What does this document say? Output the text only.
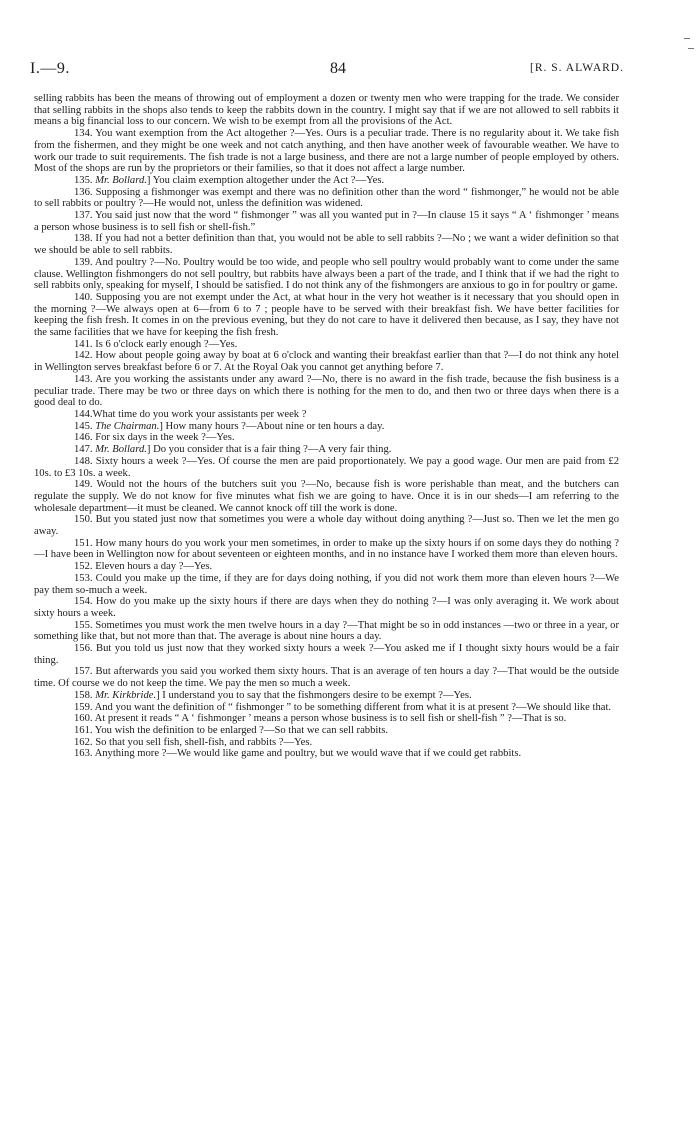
I.—9.	84	[R. S. ALWARD.

selling rabbits has been the means of throwing out of employment a dozen or twenty men who were trapping for the trade. We consider that selling rabbits in the shops also tends to keep the rabbits down in the country. I might say that if we are not allowed to sell rabbits it means a big financial loss to our concern. We wish to be exempt from all the provisions of the Act.

134. You want exemption from the Act altogether ?—Yes. Ours is a peculiar trade. There is no regularity about it. We take fish from the fishermen, and they might be one week and not catch anything, and then have another week of favourable weather. We have to work our trade to suit requirements. The fish trade is not a large business, and there are not a large number of people employed by others. Most of the shops are run by the proprietors or their families, so that it does not affect a large number.

135. Mr. Bollard.] You claim exemption altogether under the Act ?—Yes.

136. Supposing a fishmonger was exempt and there was no definition other than the word “ fishmonger,” he would not be able to sell rabbits or poultry ?—He would not, unless the definition was widened.

137. You said just now that the word “ fishmonger ” was all you wanted put in ?—In clause 15 it says “ A ‘ fishmonger ’ means a person whose business is to sell fish or shell-fish.”

138. If you had not a better definition than that, you would not be able to sell rabbits ?—No ; we want a wider definition so that we should be able to sell rabbits.

139. And poultry ?—No. Poultry would be too wide, and people who sell poultry would probably want to come under the same clause. Wellington fishmongers do not sell poultry, but rabbits have always been a part of the trade, and I think that if we had the right to sell rabbits only, speaking for myself, I should be satisfied. I do not think any of the fishmongers are anxious to go in for poultry or game.

140. Supposing you are not exempt under the Act, at what hour in the very hot weather is it necessary that you should open in the morning ?—We always open at 6—from 6 to 7 ; people have to be served with their breakfast fish. We have better facilities for keeping the fish fresh. It comes in on the previous evening, but they do not care to have it delivered then because, as I say, they have not the same facilities that we have for keeping the fish fresh.

141. Is 6 o'clock early enough ?—Yes.

142. How about people going away by boat at 6 o'clock and wanting their breakfast earlier than that ?—I do not think any hotel in Wellington serves breakfast before 6 or 7. At the Royal Oak you cannot get anything before 7.

143. Are you working the assistants under any award ?—No, there is no award in the fish trade, because the fish business is a peculiar trade. There may be two or three days on which there is nothing for the men to do, and then two or three days when there is a good deal to do.

144.What time do you work your assistants per week ?

145. The Chairman.] How many hours ?—About nine or ten hours a day.

146. For six days in the week ?—Yes.

147. Mr. Bollard.] Do you consider that is a fair thing ?—A very fair thing.

148. Sixty hours a week ?—Yes. Of course the men are paid proportionately. We pay a good wage. Our men are paid from £2 10s. to £3 10s. a week.

149. Would not the hours of the butchers suit you ?—No, because fish is wore perishable than meat, and the butchers can regulate the supply. We do not know for five minutes what fish we are going to have. Once it is in our sheds—I am referring to the wholesale department—it must be cleaned. We cannot knock off till the work is done.

150. But you stated just now that sometimes you were a whole day without doing anything ?—Just so. Then we let the men go away.

151. How many hours do you work your men sometimes, in order to make up the sixty hours if on some days they do nothing ?—I have been in Wellington now for about seventeen or eighteen months, and in no instance have I worked them more than eleven hours.

152. Eleven hours a day ?—Yes.

153. Could you make up the time, if they are for days doing nothing, if you did not work them more than eleven hours ?—We pay them so-much a week.

154. How do you make up the sixty hours if there are days when they do nothing ?—I was only averaging it. We work about sixty hours a week.

155. Sometimes you must work the men twelve hours in a day ?—That might be so in odd instances —two or three in a year, or something like that, but not more than that. The average is about nine hours a day.

156. But you told us just now that they worked sixty hours a week ?—You asked me if I thought sixty hours would be a fair thing.

157. But afterwards you said you worked them sixty hours. That is an average of ten hours a day ?—That would be the outside time. Of course we do not keep the time. We pay the men so much a week.

158. Mr. Kirkbride.] I understand you to say that the fishmongers desire to be exempt ?—Yes.

159. And you want the definition of “ fishmonger ” to be something different from what it is at present ?—We should like that.

160. At present it reads “ A ‘ fishmonger ’ means a person whose business is to sell fish or shell-fish ” ?—That is so.

161. You wish the definition to be enlarged ?—So that we can sell rabbits.

162. So that you sell fish, shell-fish, and rabbits ?—Yes.

163. Anything more ?—We would like game and poultry, but we would wave that if we could get rabbits.
